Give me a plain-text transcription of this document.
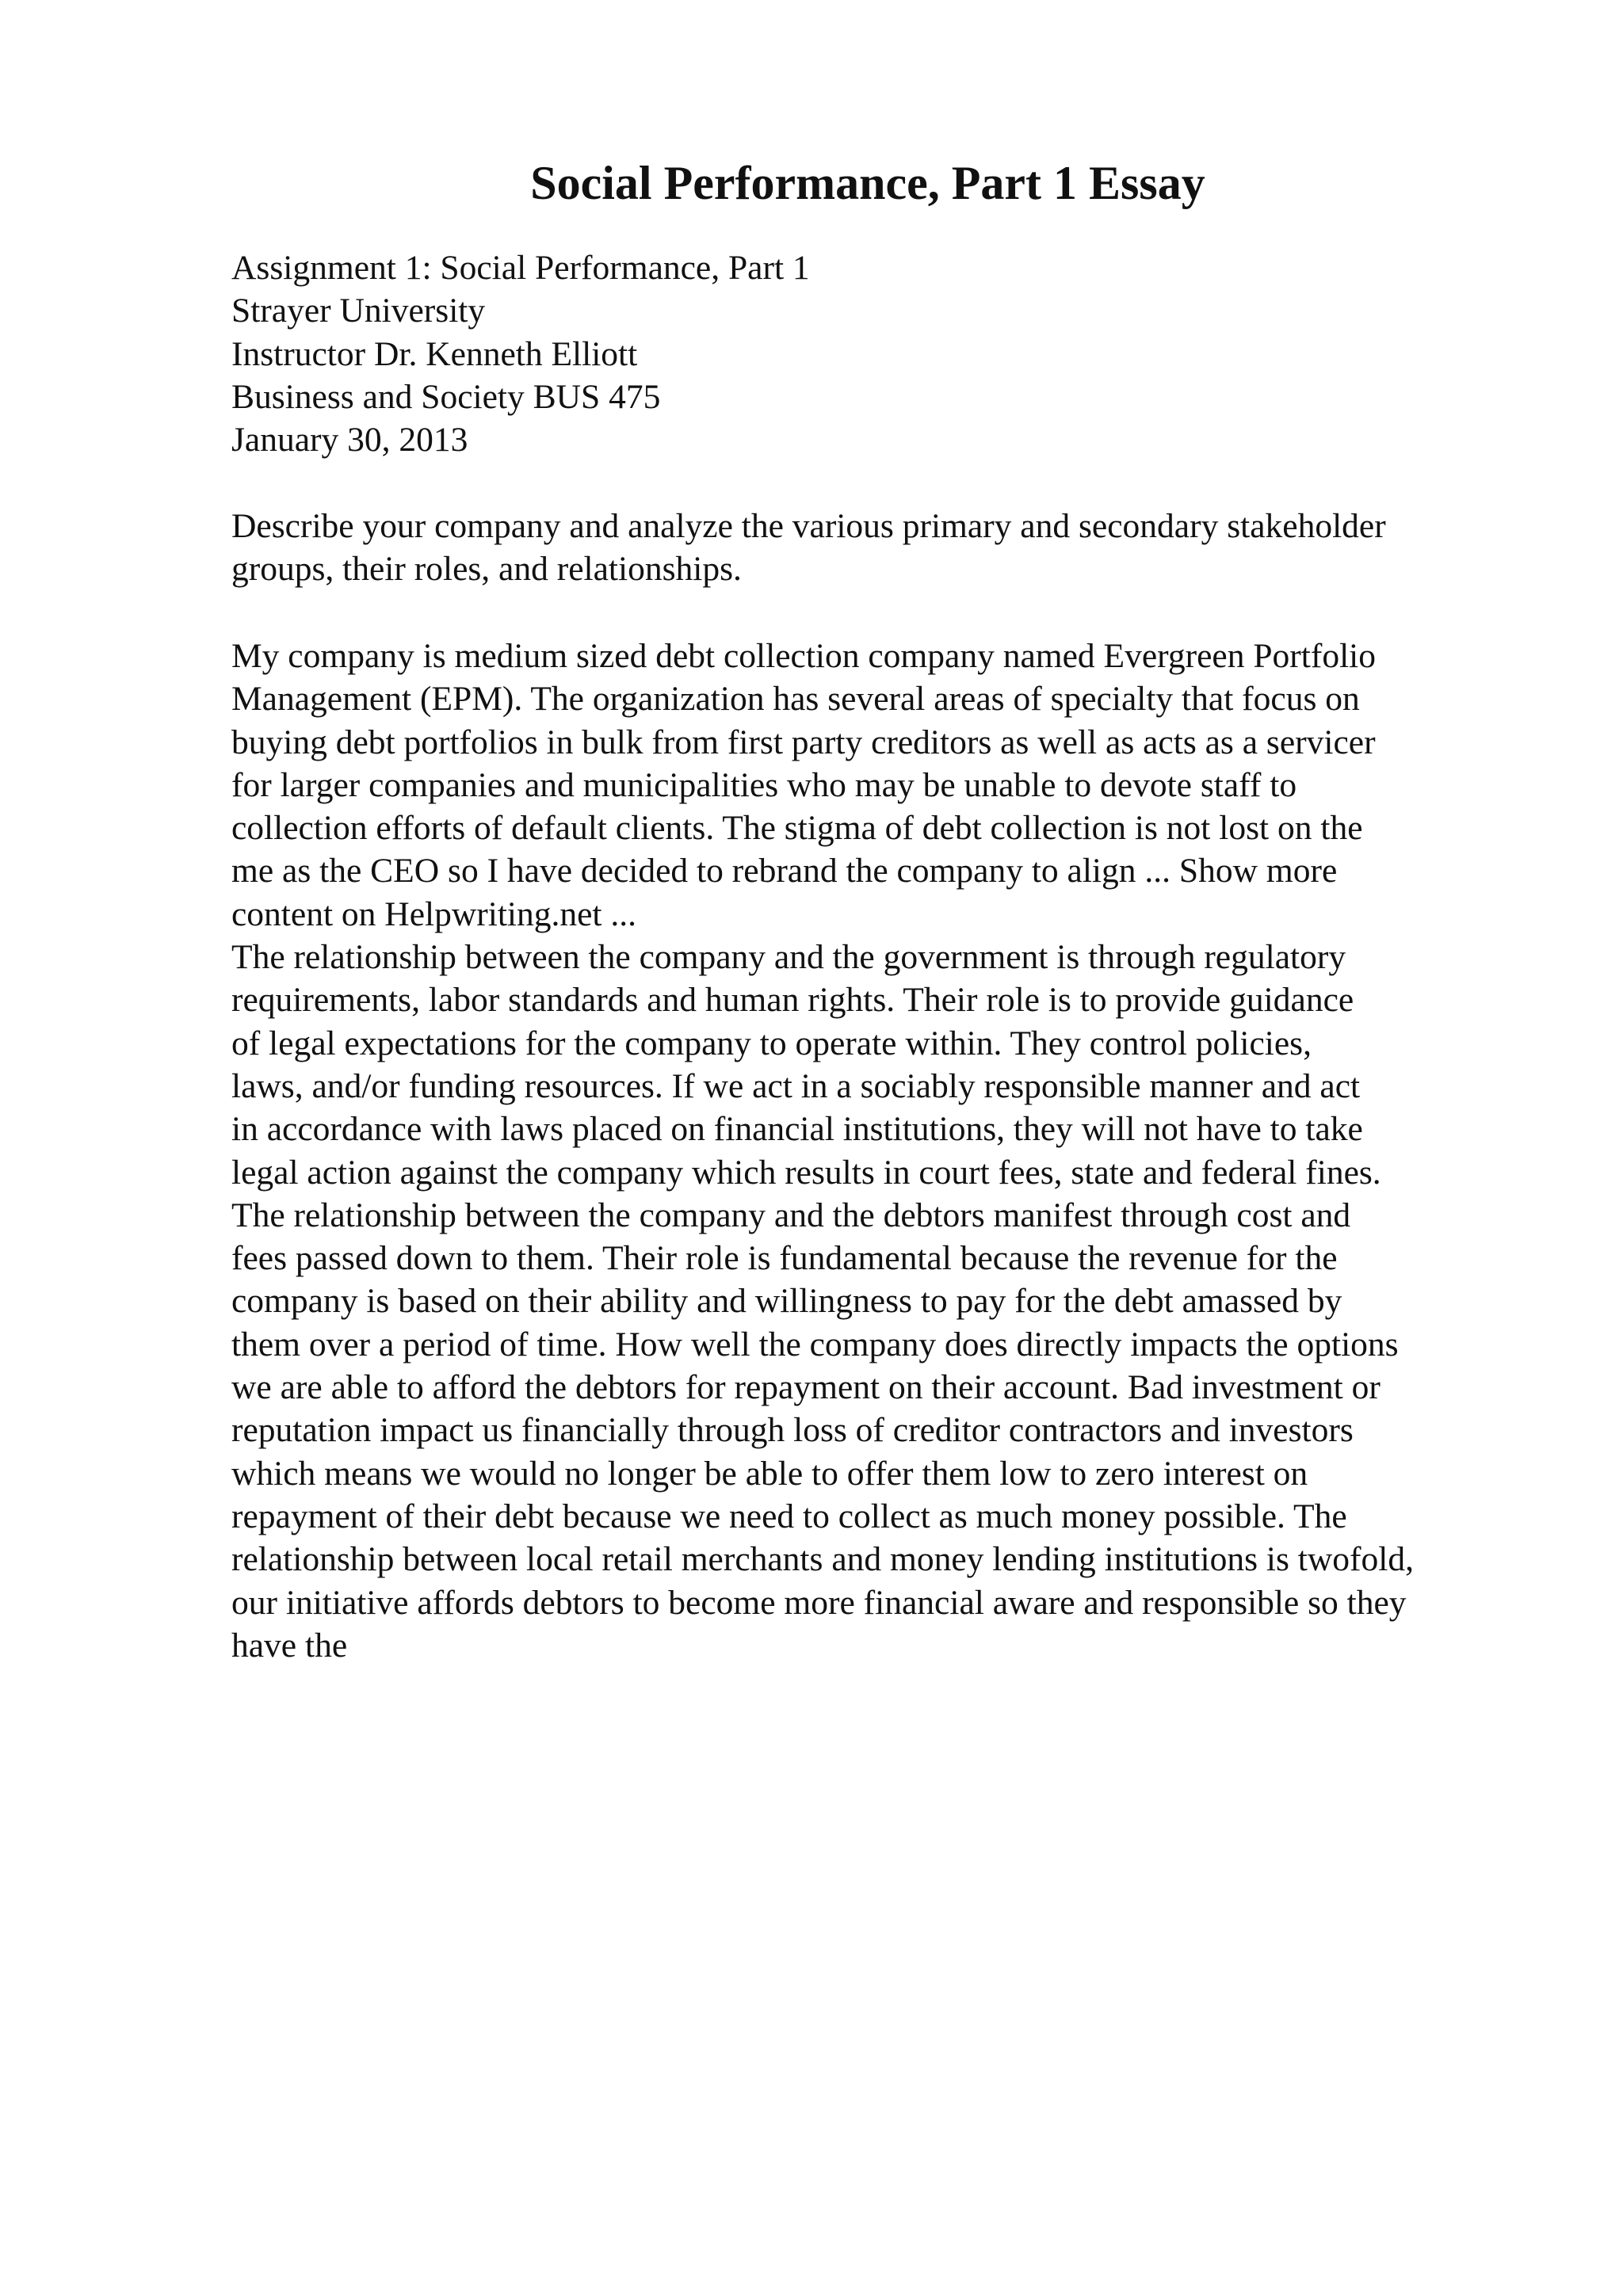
Social Performance, Part 1 Essay
Assignment 1: Social Performance, Part 1
Strayer University
Instructor Dr. Kenneth Elliott
Business and Society BUS 475
January 30, 2013
Describe your company and analyze the various primary and secondary stakeholder
groups, their roles, and relationships.
My company is medium sized debt collection company named Evergreen Portfolio
Management (EPM). The organization has several areas of specialty that focus on
buying debt portfolios in bulk from first party creditors as well as acts as a servicer
for larger companies and municipalities who may be unable to devote staff to
collection efforts of default clients. The stigma of debt collection is not lost on the
me as the CEO so I have decided to rebrand the company to align ... Show more
content on Helpwriting.net ...
The relationship between the company and the government is through regulatory
requirements, labor standards and human rights. Their role is to provide guidance
of legal expectations for the company to operate within. They control policies,
laws, and/or funding resources. If we act in a sociably responsible manner and act
in accordance with laws placed on financial institutions, they will not have to take
legal action against the company which results in court fees, state and federal fines.
The relationship between the company and the debtors manifest through cost and
fees passed down to them. Their role is fundamental because the revenue for the
company is based on their ability and willingness to pay for the debt amassed by
them over a period of time. How well the company does directly impacts the options
we are able to afford the debtors for repayment on their account. Bad investment or
reputation impact us financially through loss of creditor contractors and investors
which means we would no longer be able to offer them low to zero interest on
repayment of their debt because we need to collect as much money possible. The
relationship between local retail merchants and money lending institutions is twofold,
our initiative affords debtors to become more financial aware and responsible so they
have the
